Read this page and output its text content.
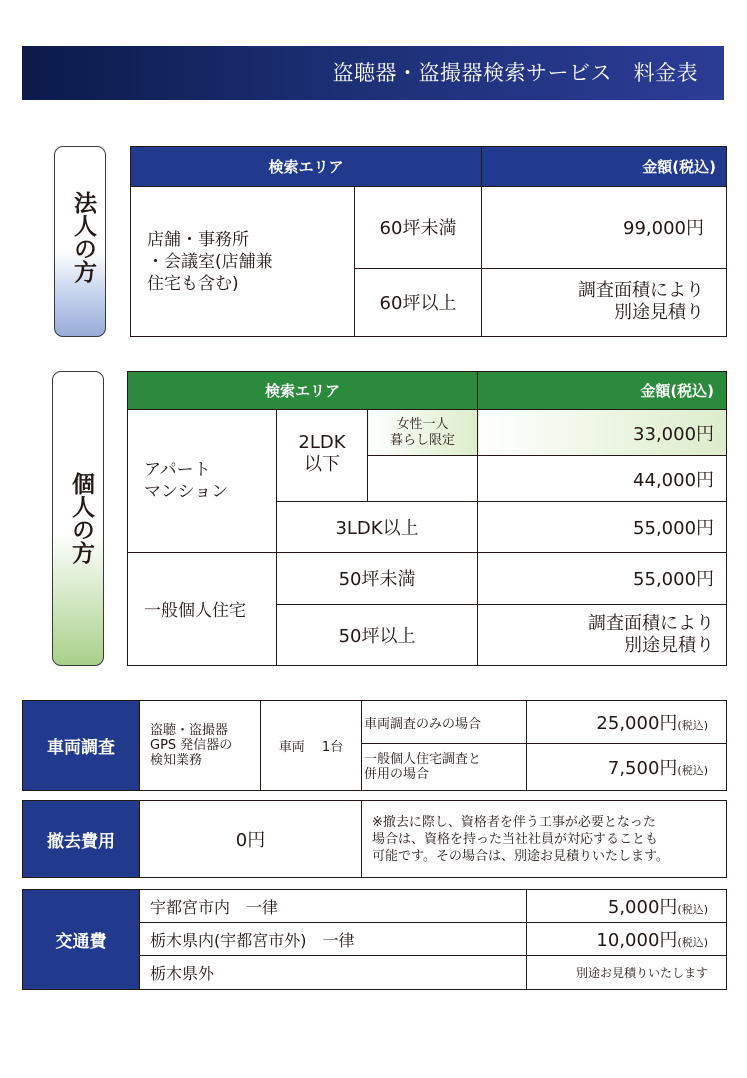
盗聴器・盗撮器検索サービス　料金表
法人の方
検索エリア		金額(税込)
店舗・事務所
・会議室(店舗兼
住宅も含む)	60坪未満	99,000円
	60坪以上	調査面積により
別途見積り
個人の方
検索エリア			金額(税込)
アパート
マンション	2LDK
以下	女性一人
暮らし限定	33,000円
			44,000円
	3LDK以上		55,000円
一般個人住宅	50坪未満		55,000円
	50坪以上		調査面積により
別途見積り
車両調査	盗聴・盗撮器
GPS 発信器の
検知業務	車両　 1台	車両調査のみの場合	25,000円(税込)
			一般個人住宅調査と
併用の場合	7,500円(税込)
撤去費用	0円	※撤去に際し、資格者を伴う工事が必要となった
場合は、資格を持った当社社員が対応することも
可能です。その場合は、別途お見積りいたします。
交通費	宇都宮市内　一律	5,000円(税込)
	栃木県内(宇都宮市外)　一律	10,000円(税込)
	栃木県外	別途お見積りいたします
